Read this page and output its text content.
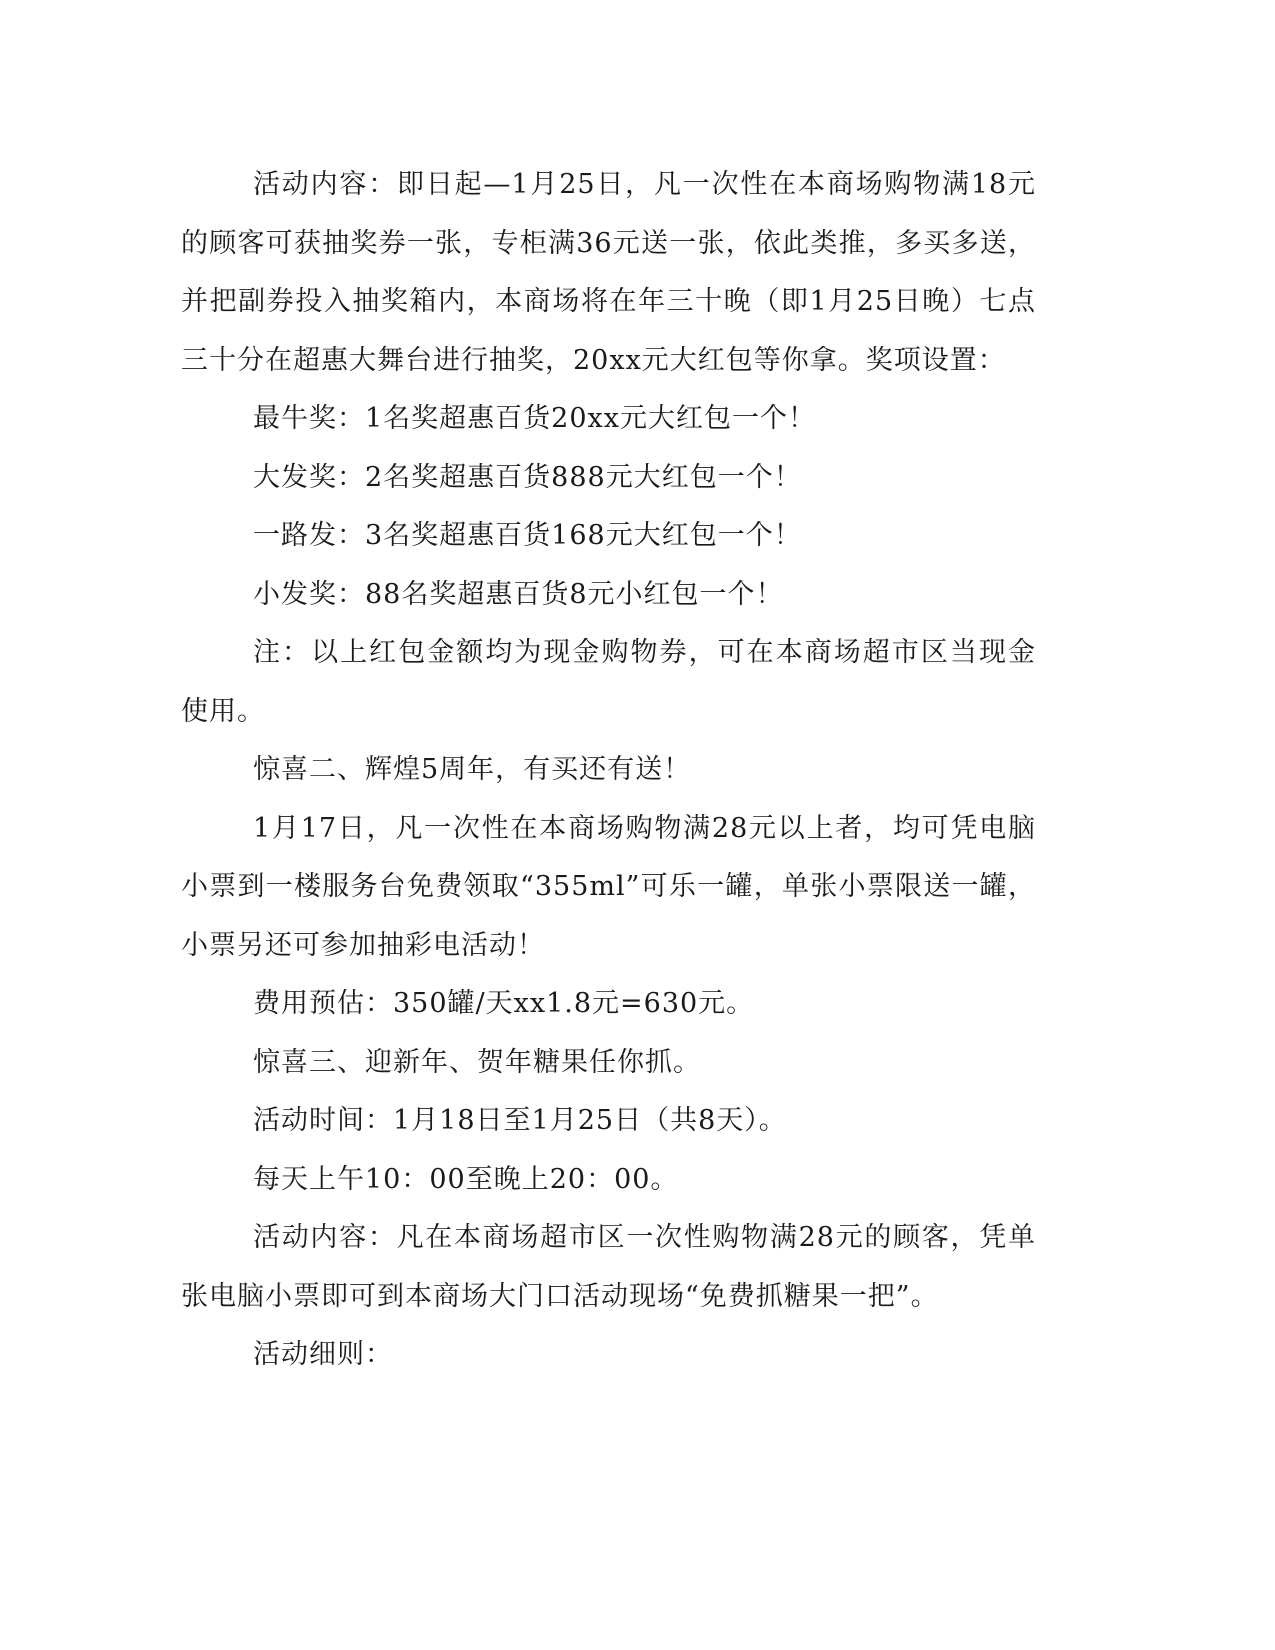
活动内容：即日起—1月25日，凡一次性在本商场购物满18元的顾客可获抽奖券一张，专柜满36元送一张，依此类推，多买多送，并把副券投入抽奖箱内，本商场将在年三十晚（即1月25日晚）七点三十分在超惠大舞台进行抽奖，20xx元大红包等你拿。奖项设置：

最牛奖：1名奖超惠百货20xx元大红包一个！

大发奖：2名奖超惠百货888元大红包一个！

一路发：3名奖超惠百货168元大红包一个！

小发奖：88名奖超惠百货8元小红包一个！

注：以上红包金额均为现金购物券，可在本商场超市区当现金使用。

惊喜二、辉煌5周年，有买还有送！

1月17日，凡一次性在本商场购物满28元以上者，均可凭电脑小票到一楼服务台免费领取“355ml”可乐一罐，单张小票限送一罐，小票另还可参加抽彩电活动！

费用预估：350罐/天xx1.8元=630元。

惊喜三、迎新年、贺年糖果任你抓。

活动时间：1月18日至1月25日（共8天）。

每天上午10：00至晚上20：00。

活动内容：凡在本商场超市区一次性购物满28元的顾客，凭单张电脑小票即可到本商场大门口活动现场“免费抓糖果一把”。

活动细则：
